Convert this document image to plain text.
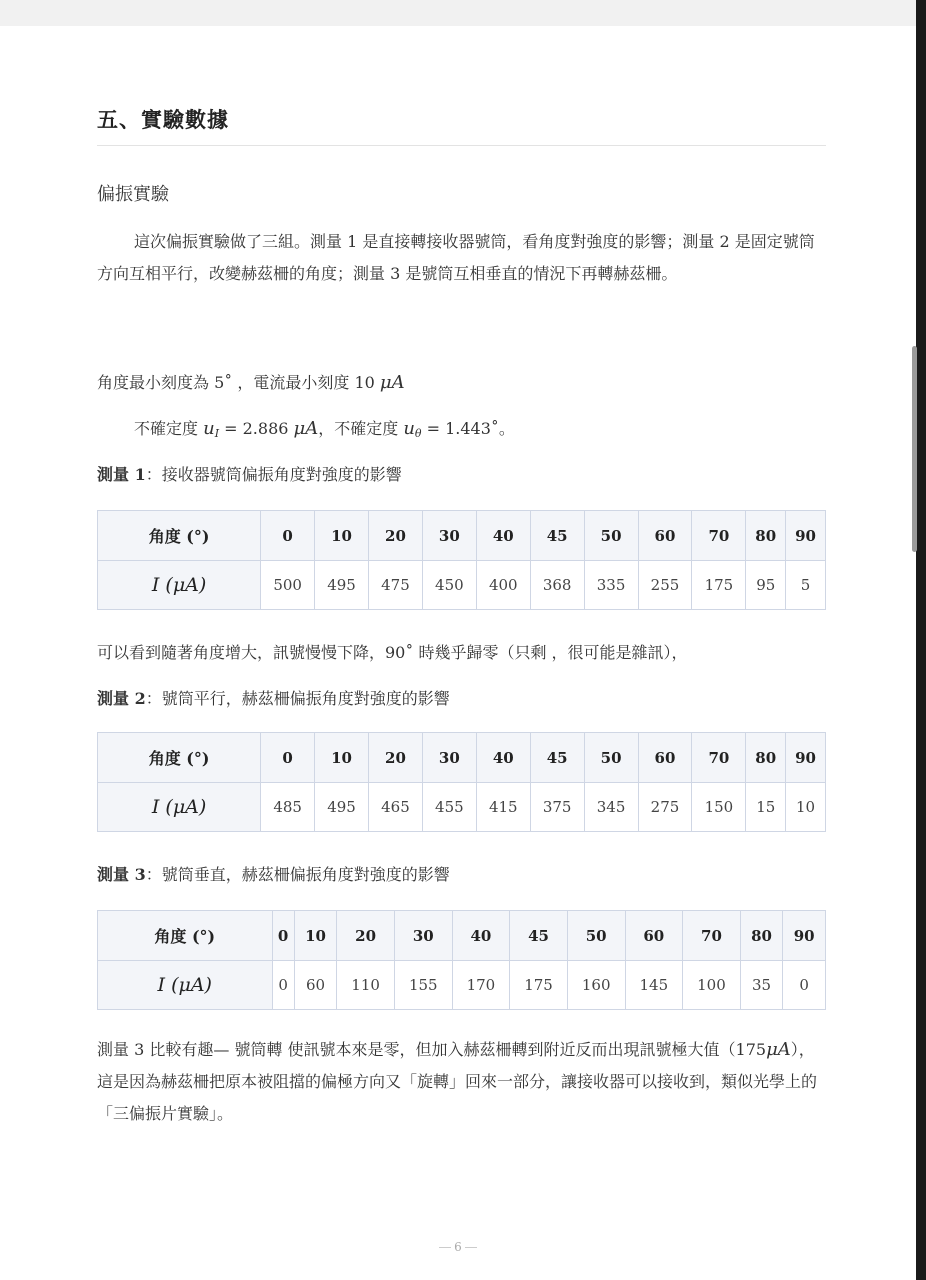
五、實驗數據
偏振實驗

這次偏振實驗做了三組。測量 1 是直接轉接收器號筒，看角度對強度的影響；測量 2 是固定號筒方向互相平行，改變赫茲柵的角度；測量 3 是號筒互相垂直的情況下再轉赫茲柵。

角度最小刻度為 5˚ ，電流最小刻度 10 μA
不確定度 $u_I = 2.886$ μA，不確定度 $u_\theta$ = 1.443˚。
測量 1：接收器號筒偏振角度對強度的影響
角度 (°)	0	10	20	30	40	45	50	60	70	80	90
I (μA)	500	495	475	450	400	368	335	255	175	95	5
可以看到隨著角度增大，訊號慢慢下降，90˚ 時幾乎歸零（只剩 ，很可能是雜訊），
測量 2：號筒平行，赫茲柵偏振角度對強度的影響
角度 (°)	0	10	20	30	40	45	50	60	70	80	90
I (μA)	485	495	465	455	415	375	345	275	150	15	10
測量 3：號筒垂直，赫茲柵偏振角度對強度的影響
角度 (°)	0	10	20	30	40	45	50	60	70	80	90
I (μA)	0	60	110	155	170	175	160	145	100	35	0

測量 3 比較有趣— 號筒轉 使訊號本來是零，但加入赫茲柵轉到附近反而出現訊號極大值（175μA），這是因為赫茲柵把原本被阻擋的偏極方向又「旋轉」回來一部分，讓接收器可以接收到，類似光學上的「三偏振片實驗」。

6
